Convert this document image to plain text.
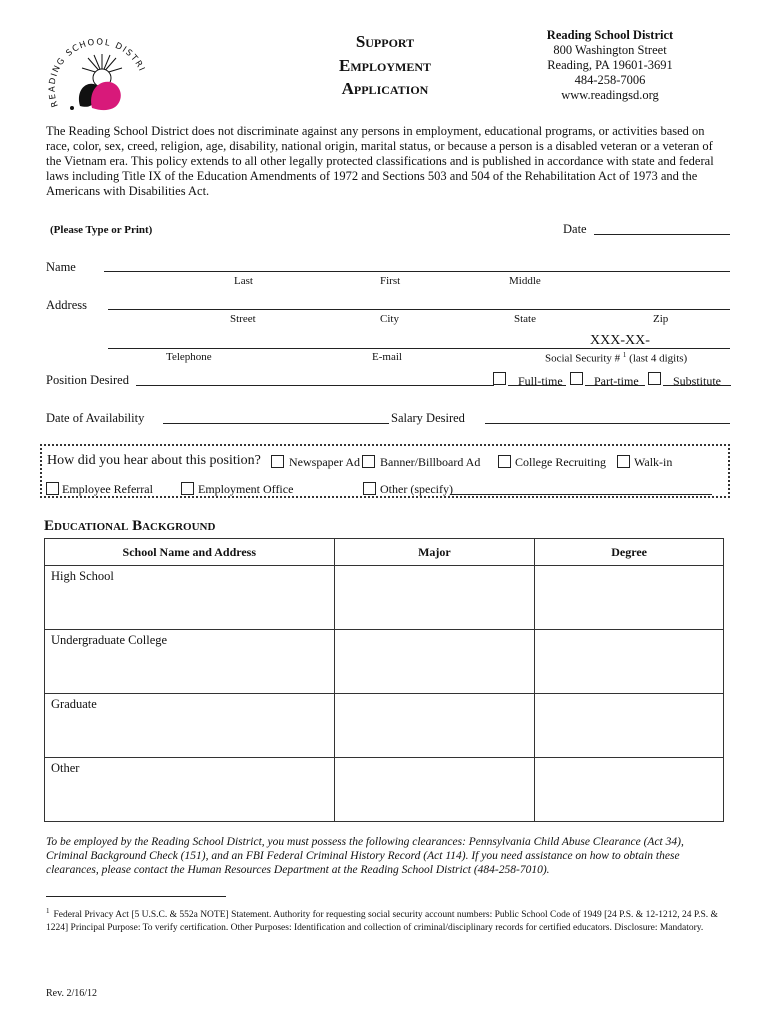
READING SCHOOL DISTRI
Support
Employment
Application
Reading School District
800 Washington Street
Reading, PA 19601-3691
484-258-7006
www.readingsd.org
The Reading School District does not discriminate against any persons in employment, educational programs, or activities based on race, color, sex, creed, religion, age, disability, national origin, marital status, or because a person is a disabled veteran or a veteran of the Vietnam era. This policy extends to all other legally protected classifications and is published in accordance with state and federal laws including Title IX of the Education Amendments of 1972 and Sections 503 and 504 of the Rehabilitation Act of 1973 and the Americans with Disabilities Act.
(Please Type or Print)	Date
Name
Last	First	Middle
Address
Street	City	State	Zip
XXX-XX-
Telephone	E-mail	Social Security # $^1$ (last 4 digits)
Position Desired	Full-time	Part-time	Substitute
Date of Availability	Salary Desired
How did you hear about this position? Newspaper Ad Banner/Billboard Ad	College Recruiting Walk-in
Employee Referral	Employment Office	Other (specify)
Educational Background
School Name and Address	Major	Degree

High School		

Undergraduate College		

Graduate		

Other		

To be employed by the Reading School District, you must possess the following clearances: Pennsylvania Child Abuse Clearance (Act 34), Criminal Background Check (151), and an FBI Federal Criminal History Record (Act 114). If you need assistance on how to obtain these clearances, please contact the Human Resources Department at the Reading School District (484-258-7010).
$^1$ Federal Privacy Act [5 U.S.C. & 552a NOTE] Statement. Authority for requesting social security account numbers: Public School Code of 1949 [24 P.S. & 12-1212, 24 P.S. & 1224] Principal Purpose: To verify certification. Other Purposes: Identification and collection of criminal/disciplinary records for certified educators. Disclosure: Mandatory.
Rev. 2/16/12
